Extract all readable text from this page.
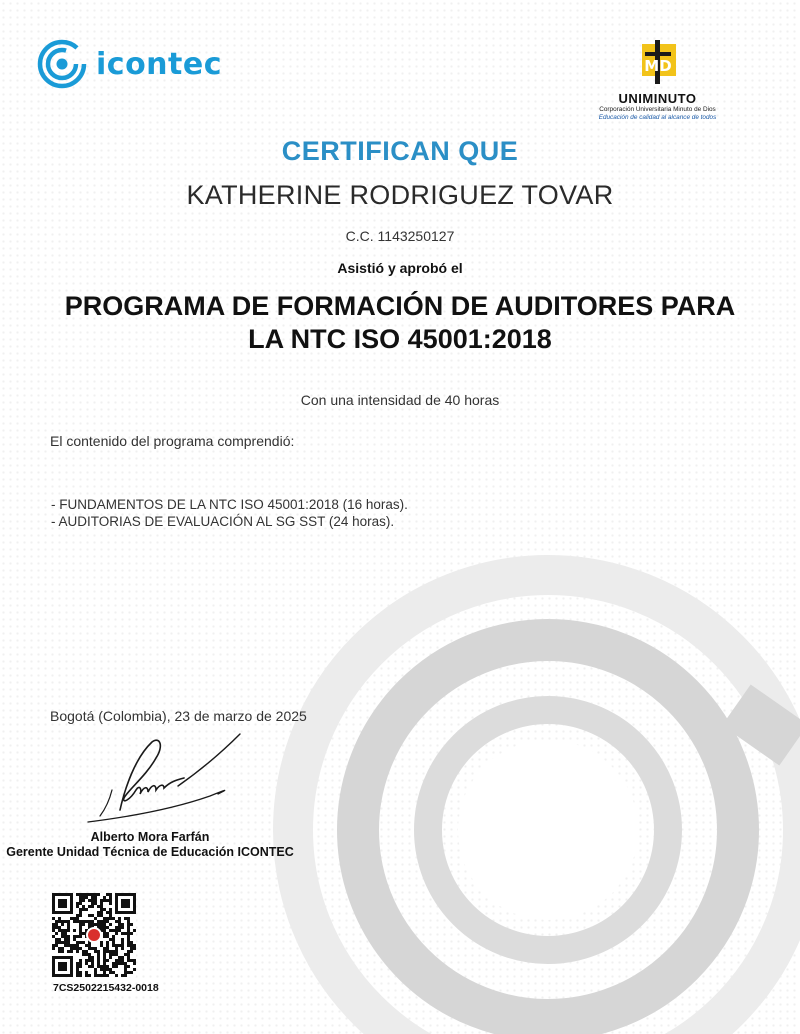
icontec	MD
UNIMINUTO
Corporación Universitaria Minuto de Dios
Educación de calidad al alcance de todos
CERTIFICAN QUE
KATHERINE RODRIGUEZ TOVAR
C.C. 1143250127
Asistió y aprobó el
PROGRAMA DE FORMACIÓN DE AUDITORES PARA
LA NTC ISO 45001:2018
Con una intensidad de 40 horas
El contenido del programa comprendió:
- FUNDAMENTOS DE LA NTC ISO 45001:2018 (16 horas).
- AUDITORIAS DE EVALUACIÓN AL SG SST (24 horas).
Bogotá (Colombia), 23 de marzo de 2025
Alberto Mora Farfán
Gerente Unidad Técnica de Educación ICONTEC
7CS2502215432-0018
